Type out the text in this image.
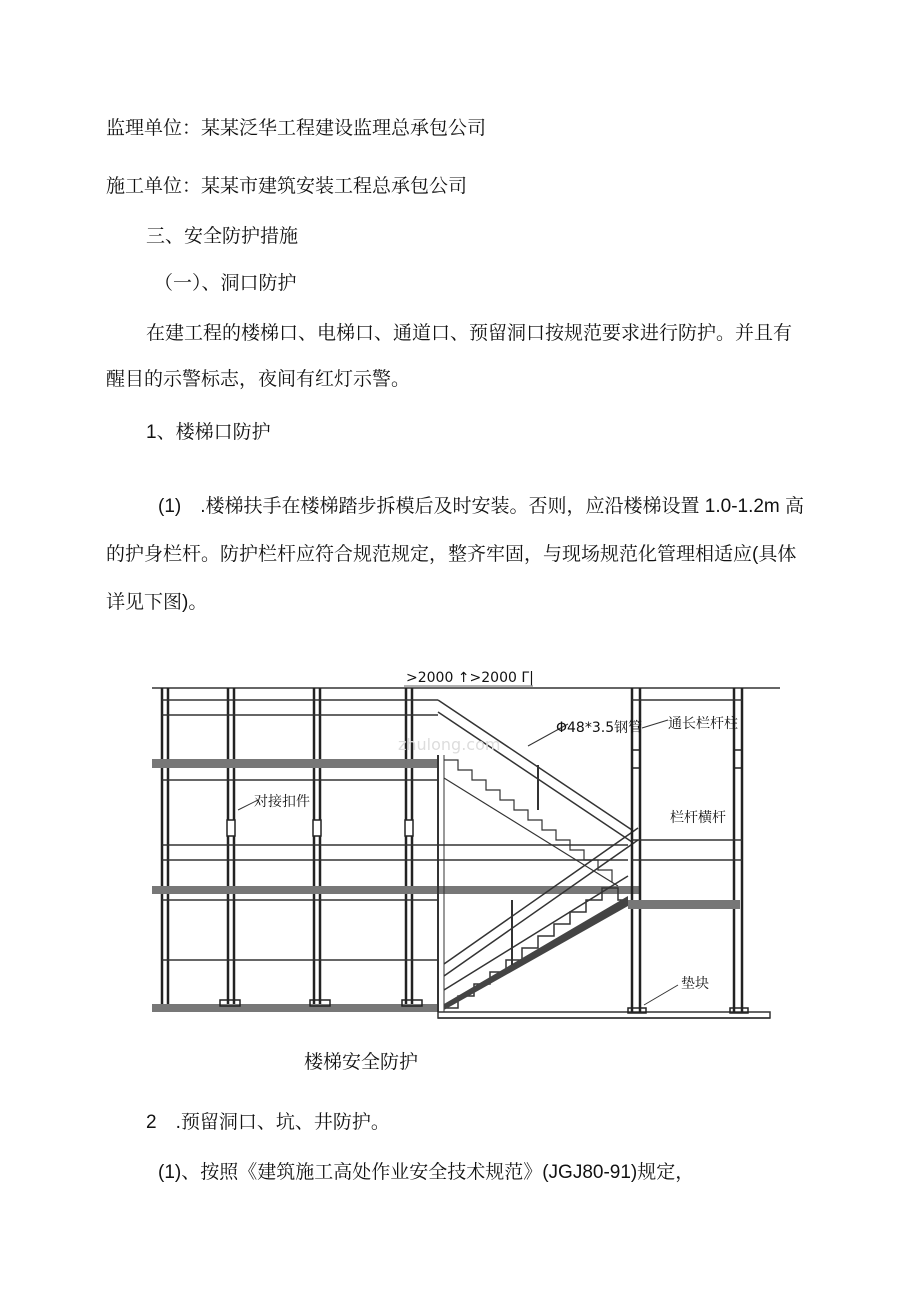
监理单位：某某泛华工程建设监理总承包公司
施工单位：某某市建筑安装工程总承包公司
三、安全防护措施
（一）、洞口防护
在建工程的楼梯口、电梯口、通道口、预留洞口按规范要求进行防护。并且有
醒目的示警标志，夜间有红灯示警。
1、楼梯口防护
(1)　.楼梯扶手在楼梯踏步拆模后及时安装。否则，应沿楼梯设置 1.0-1.2m 高
的护身栏杆。防护栏杆应符合规范规定，整齐牢固，与现场规范化管理相适应(具体
详见下图)。
>2000 ↑>2000 Γ|
Φ48*3.5钢管 通长栏杆柱
对接扣件
栏杆横杆
垫块
zhulong.com
楼梯安全防护
2　.预留洞口、坑、井防护。
(1)、按照《建筑施工高处作业安全技术规范》(JGJ80-91)规定，
